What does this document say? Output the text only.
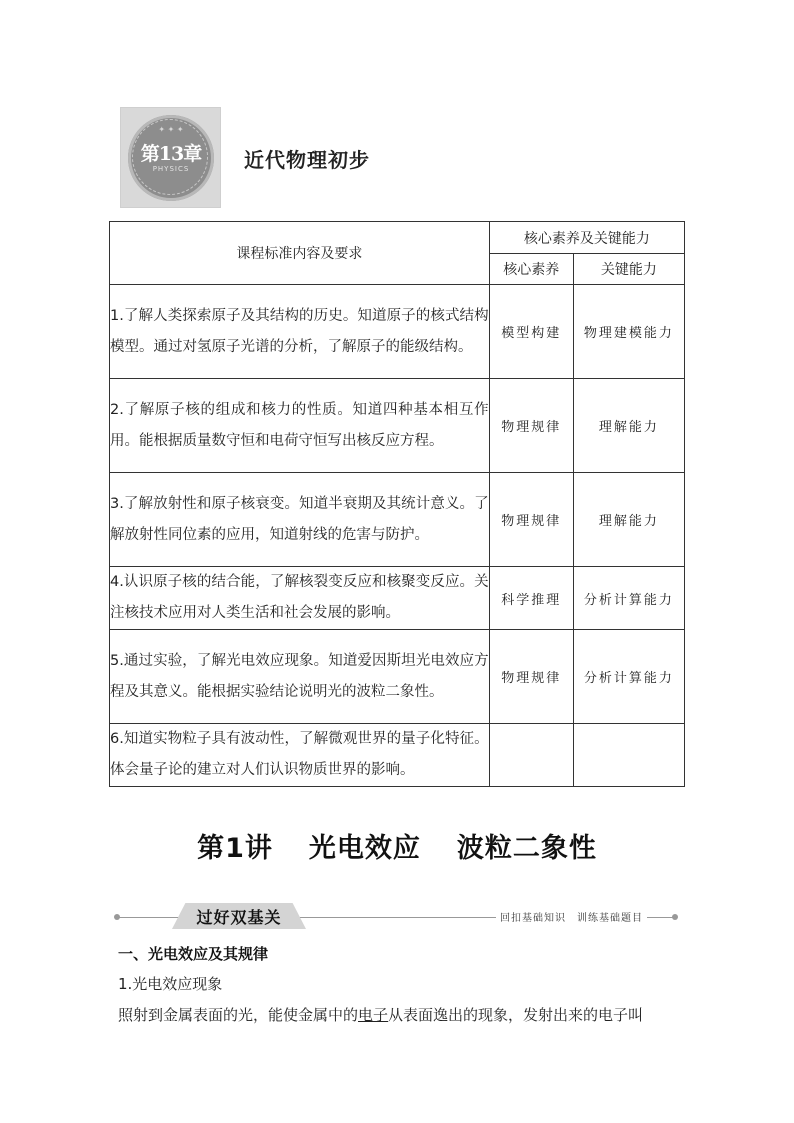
✦ ✦ ✦
第13章
PHYSICS	近代物理初步
课程标准内容及要求	核心素养及关键能力	
	核心素养	关键能力
1.了解人类探索原子及其结构的历史。知道原子的核式结构模型。通过对氢原子光谱的分析，了解原子的能级结构。	模型构建	物理建模能力
2.了解原子核的组成和核力的性质。知道四种基本相互作用。能根据质量数守恒和电荷守恒写出核反应方程。	物理规律	理解能力
3.了解放射性和原子核衰变。知道半衰期及其统计意义。了解放射性同位素的应用，知道射线的危害与防护。	物理规律	理解能力
4.认识原子核的结合能，了解核裂变反应和核聚变反应。关注核技术应用对人类生活和社会发展的影响。	科学推理	分析计算能力
5.通过实验，了解光电效应现象。知道爱因斯坦光电效应方程及其意义。能根据实验结论说明光的波粒二象性。	物理规律	分析计算能力
6.知道实物粒子具有波动性，了解微观世界的量子化特征。体会量子论的建立对人们认识物质世界的影响。		
第1讲 光电效应 波粒二象性
过好双基关	回扣基础知识　训练基础题目
一、光电效应及其规律
1.光电效应现象
照射到金属表面的光，能使金属中的电子从表面逸出的现象，发射出来的电子叫
